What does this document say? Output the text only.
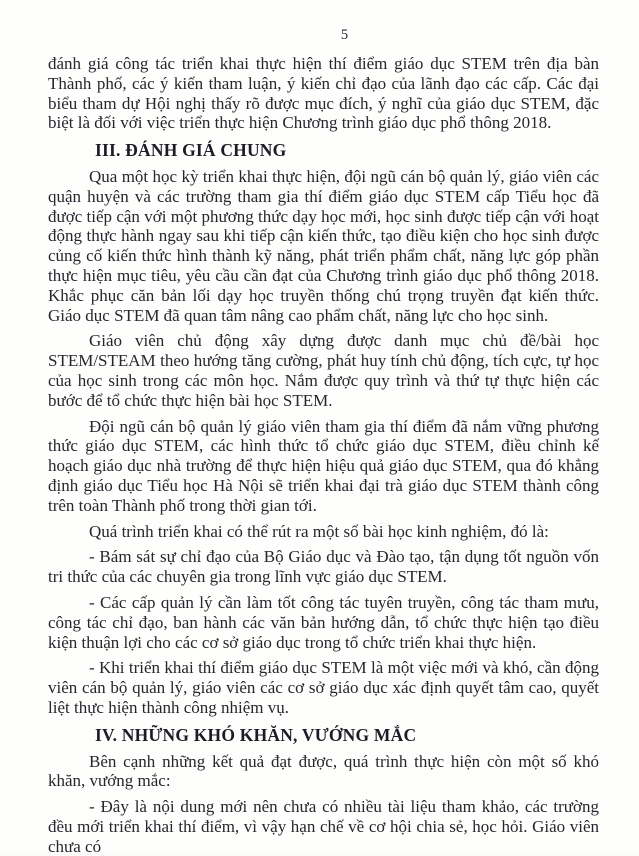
5

đánh giá công tác triển khai thực hiện thí điểm giáo dục STEM trên địa bàn Thành phố, các ý kiến tham luận, ý kiến chỉ đạo của lãnh đạo các cấp. Các đại biểu tham dự Hội nghị thấy rõ được mục đích, ý nghĩ của giáo dục STEM, đặc biệt là đối với việc triển thực hiện Chương trình giáo dục phổ thông 2018.

III. ĐÁNH GIÁ CHUNG

Qua một học kỳ triển khai thực hiện, đội ngũ cán bộ quản lý, giáo viên các quận huyện và các trường tham gia thí điểm giáo dục STEM cấp Tiểu học đã được tiếp cận với một phương thức dạy học mới, học sinh được tiếp cận với hoạt động thực hành ngay sau khi tiếp cận kiến thức, tạo điều kiện cho học sinh được củng cố kiến thức hình thành kỹ năng, phát triển phẩm chất, năng lực góp phần thực hiện mục tiêu, yêu cầu cần đạt của Chương trình giáo dục phổ thông 2018. Khắc phục căn bản lối dạy học truyền thống chú trọng truyền đạt kiến thức. Giáo dục STEM đã quan tâm nâng cao phẩm chất, năng lực cho học sinh.

Giáo viên chủ động xây dựng được danh mục chủ đề/bài học STEM/STEAM theo hướng tăng cường, phát huy tính chủ động, tích cực, tự học của học sinh trong các môn học. Nắm được quy trình và thứ tự thực hiện các bước để tổ chức thực hiện bài học STEM.

Đội ngũ cán bộ quản lý giáo viên tham gia thí điểm đã nắm vững phương thức giáo dục STEM, các hình thức tổ chức giáo dục STEM, điều chỉnh kế hoạch giáo dục nhà trường để thực hiện hiệu quả giáo dục STEM, qua đó khẳng định giáo dục Tiểu học Hà Nội sẽ triển khai đại trà giáo dục STEM thành công trên toàn Thành phố trong thời gian tới.

Quá trình triển khai có thể rút ra một số bài học kinh nghiệm, đó là:

- Bám sát sự chỉ đạo của Bộ Giáo dục và Đào tạo, tận dụng tốt nguồn vốn tri thức của các chuyên gia trong lĩnh vực giáo dục STEM.

- Các cấp quản lý cần làm tốt công tác tuyên truyền, công tác tham mưu, công tác chỉ đạo, ban hành các văn bản hướng dẫn, tổ chức thực hiện tạo điều kiện thuận lợi cho các cơ sở giáo dục trong tổ chức triển khai thực hiện.

- Khi triển khai thí điểm giáo dục STEM là một việc mới và khó, cần động viên cán bộ quản lý, giáo viên các cơ sở giáo dục xác định quyết tâm cao, quyết liệt thực hiện thành công nhiệm vụ.

IV. NHỮNG KHÓ KHĂN, VƯỚNG MẮC

Bên cạnh những kết quả đạt được, quá trình thực hiện còn một số khó khăn, vướng mắc:

- Đây là nội dung mới nên chưa có nhiều tài liệu tham khảo, các trường đều mới triển khai thí điểm, vì vậy hạn chế về cơ hội chia sẻ, học hỏi. Giáo viên chưa có
